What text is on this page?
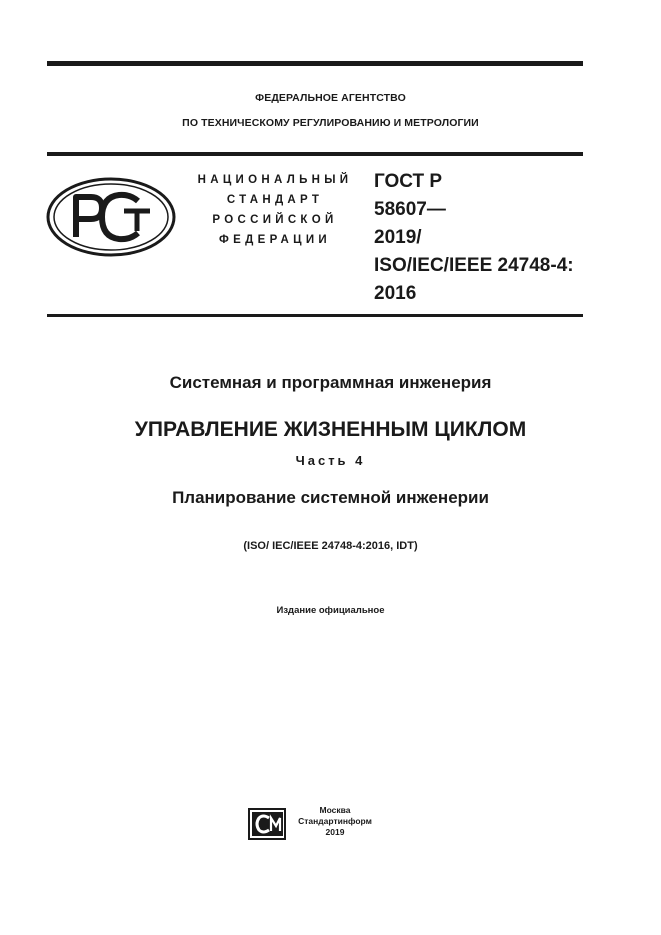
ФЕДЕРАЛЬНОЕ АГЕНТСТВО
ПО ТЕХНИЧЕСКОМУ РЕГУЛИРОВАНИЮ И МЕТРОЛОГИИ
НАЦИОНАЛЬНЫЙ
СТАНДАРТ
РОССИЙСКОЙ
ФЕДЕРАЦИИ
ГОСТ Р
58607—
2019/
ISO/IEC/IEEE 24748-4:
2016
Системная и программная инженерия
УПРАВЛЕНИЕ ЖИЗНЕННЫМ ЦИКЛОМ
Часть 4
Планирование системной инженерии
(ISO/ IEC/IEEE 24748-4:2016, IDT)
Издание официальное
Москва
Стандартинформ
2019
